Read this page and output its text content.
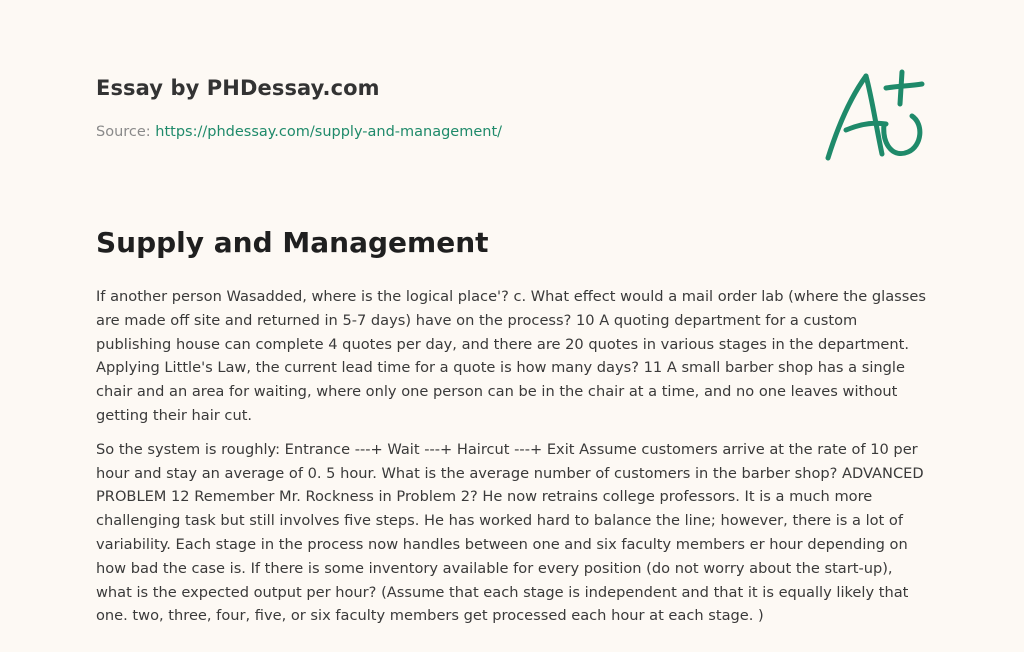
Essay by PHDessay.com
Source: https://phdessay.com/supply-and-management/
Supply and Management

If another person Wasadded, where is the logical place'? c. What effect would a mail order lab (where the glasses are made off site and returned in 5-7 days) have on the process? 10 A quoting department for a custom publishing house can complete 4 quotes per day, and there are 20 quotes in various stages in the department. Applying Little's Law, the current lead time for a quote is how many days? 11 A small barber shop has a single chair and an area for waiting, where only one person can be in the chair at a time, and no one leaves without getting their hair cut.

So the system is roughly: Entrance ---+ Wait ---+ Haircut ---+ Exit Assume customers arrive at the rate of 10 per hour and stay an average of 0. 5 hour. What is the average number of customers in the barber shop? ADVANCED PROBLEM 12 Remember Mr. Rockness in Problem 2? He now retrains college professors. It is a much more challenging task but still involves five steps. He has worked hard to balance the line; however, there is a lot of variability. Each stage in the process now handles between one and six faculty members er hour depending on how bad the case is. If there is some inventory available for every position (do not worry about the start-up), what is the expected output per hour? (Assume that each stage is independent and that it is equally likely that one. two, three, four, five, or six faculty members get processed each hour at each stage. )
